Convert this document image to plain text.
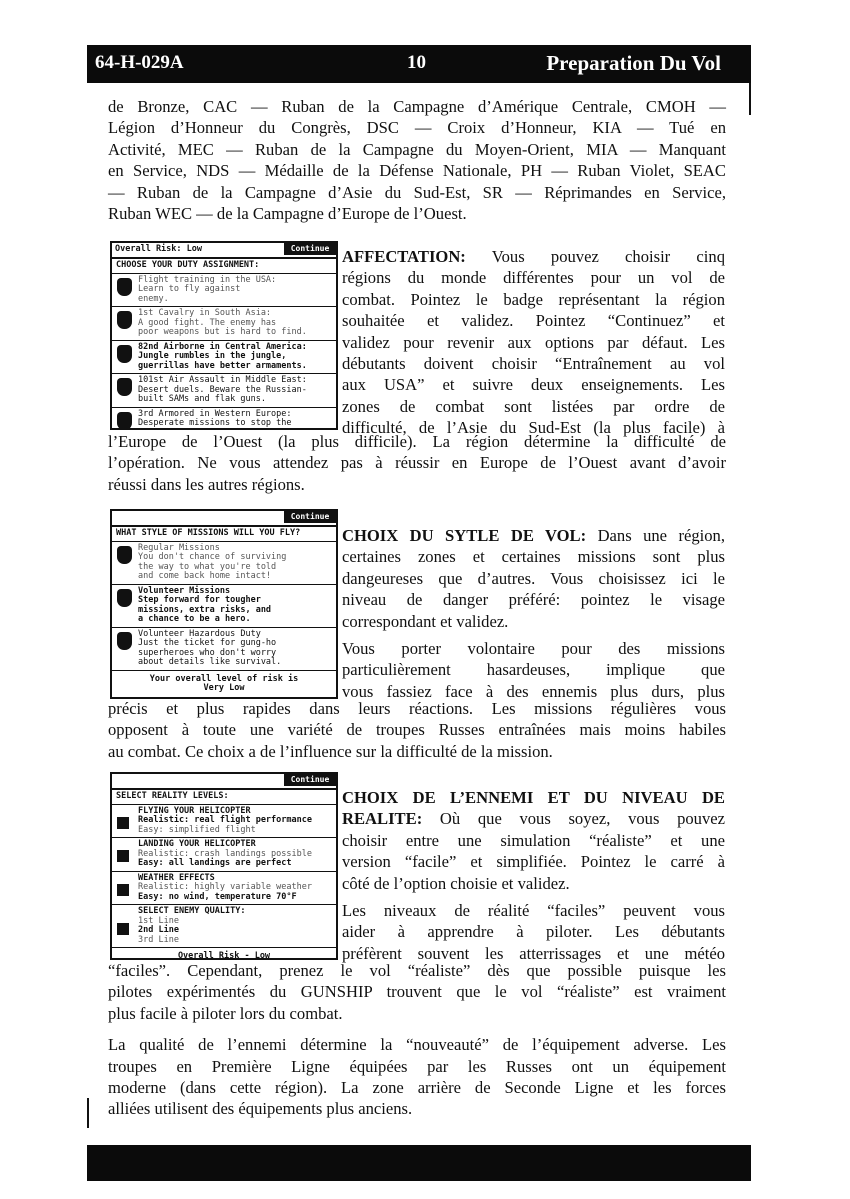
64-H-029A	10	Preparation Du Vol
de Bronze, CAC — Ruban de la Campagne d’Amérique Centrale, CMOH —
Légion d’Honneur du Congrès, DSC — Croix d’Honneur, KIA — Tué en
Activité, MEC — Ruban de la Campagne du Moyen-Orient, MIA — Manquant
en Service, NDS — Médaille de la Défense Nationale, PH — Ruban Violet, SEAC
— Ruban de la Campagne d’Asie du Sud-Est, SR — Réprimandes en Service,
Ruban WEC — de la Campagne d’Europe de l’Ouest.
Overall Risk: Low	Continue
CHOOSE YOUR DUTY ASSIGNMENT:
Flight training in the USA:
Learn to fly against
enemy.
1st Cavalry in South Asia:
A good fight. The enemy has
poor weapons but is hard to find.
82nd Airborne in Central America:
Jungle rumbles in the jungle,
guerrillas have better armaments.
101st Air Assault in Middle East:
Desert duels. Beware the Russian-
built SAMs and flak guns.
3rd Armored in Western Europe:
Desperate missions to stop the
AFFECTATION: Vous pouvez choisir cinq
régions du monde différentes pour un vol de
combat. Pointez le badge représentant la région
souhaitée et validez. Pointez “Continuez” et
validez pour revenir aux options par défaut. Les
débutants doivent choisir “Entraînement au vol
aux USA” et suivre deux enseignements. Les
zones de combat sont listées par ordre de
difficulté, de l’Asie du Sud-Est (la plus facile) à
l’Europe de l’Ouest (la plus difficile). La région détermine la difficulté de
l’opération. Ne vous attendez pas à réussir en Europe de l’Ouest avant d’avoir
réussi dans les autres régions.
Continue
WHAT STYLE OF MISSIONS WILL YOU FLY?
Regular Missions
You don't chance of surviving
the way to what you're told
and come back home intact!
Volunteer Missions
Step forward for tougher
missions, extra risks, and
a chance to be a hero.
Volunteer Hazardous Duty
Just the ticket for gung-ho
superheroes who don't worry
about details like survival.
Your overall level of risk is
Very Low
CHOIX DU SYTLE DE VOL: Dans une région,
certaines zones et certaines missions sont plus
dangeureses que d’autres. Vous choisissez ici le
niveau de danger préféré: pointez le visage
correspondant et validez.
Vous porter volontaire pour des missions
particulièrement hasardeuses, implique que
vous fassiez face à des ennemis plus durs, plus
précis et plus rapides dans leurs réactions. Les missions régulières vous
opposent à toute une variété de troupes Russes entraînées mais moins habiles
au combat. Ce choix a de l’influence sur la difficulté de la mission.
Continue
SELECT REALITY LEVELS:
FLYING YOUR HELICOPTER
Realistic: real flight performance
Easy: simplified flight
LANDING YOUR HELICOPTER
Realistic: crash landings possible
Easy: all landings are perfect
WEATHER EFFECTS
Realistic: highly variable weather
Easy: no wind, temperature 70°F
SELECT ENEMY QUALITY:
1st Line
2nd Line
3rd Line
Overall Risk - Low
CHOIX DE L’ENNEMI ET DU NIVEAU DE
REALITE: Où que vous soyez, vous pouvez
choisir entre une simulation “réaliste” et une
version “facile” et simplifiée. Pointez le carré à
côté de l’option choisie et validez.
Les niveaux de réalité “faciles” peuvent vous
aider à apprendre à piloter. Les débutants
préfèrent souvent les atterrissages et une météo
“faciles”. Cependant, prenez le vol “réaliste” dès que possible puisque les
pilotes expérimentés du GUNSHIP trouvent que le vol “réaliste” est vraiment
plus facile à piloter lors du combat.
La qualité de l’ennemi détermine la “nouveauté” de l’équipement adverse. Les
troupes en Première Ligne équipées par les Russes ont un équipement
moderne (dans cette région). La zone arrière de Seconde Ligne et les forces
alliées utilisent des équipements plus anciens.
